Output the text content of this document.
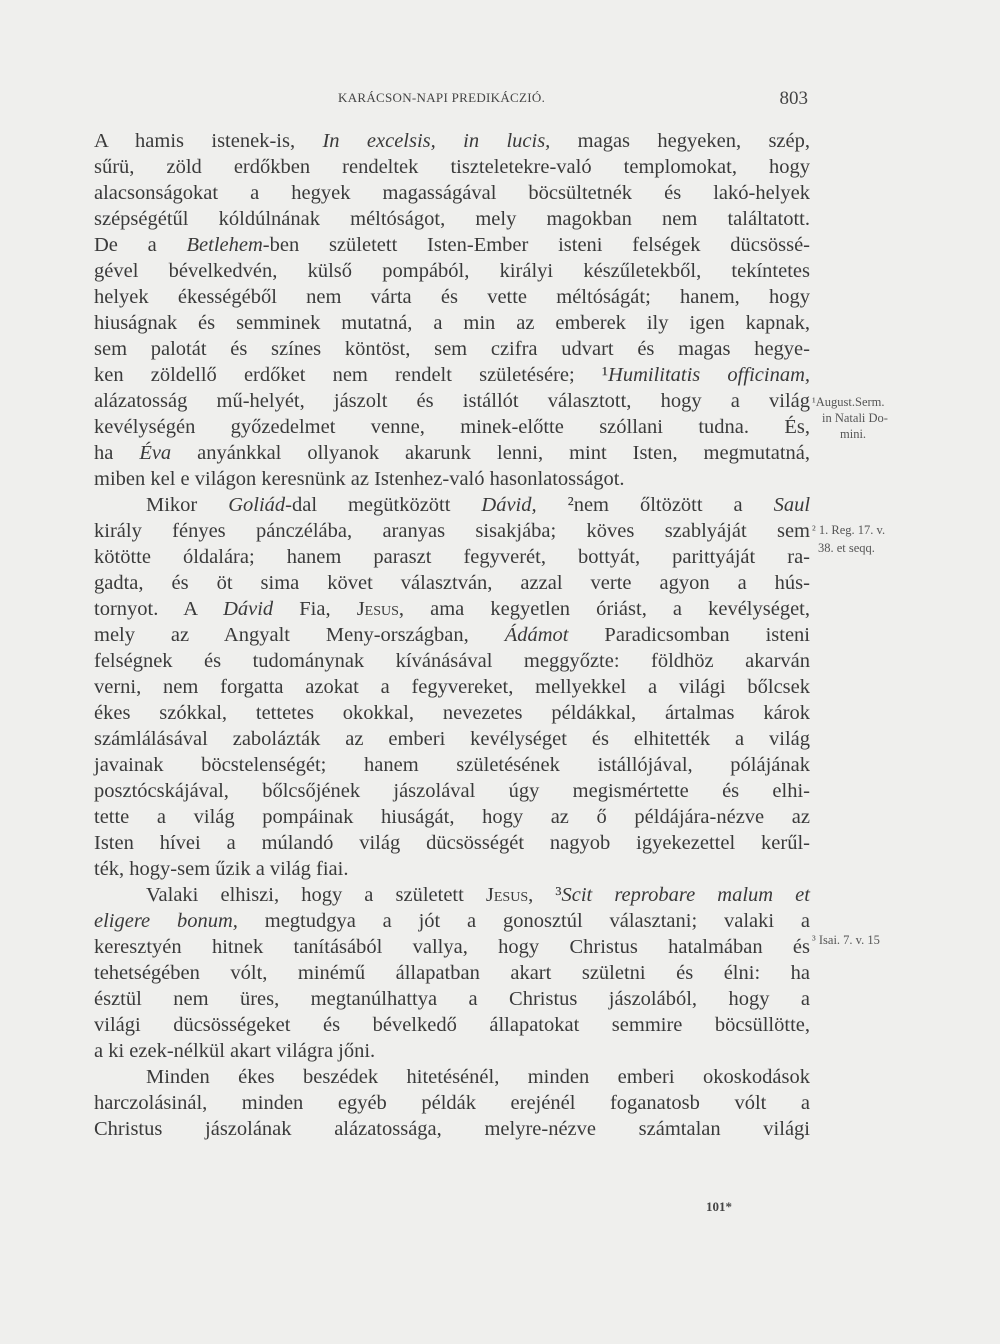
KARÁCSON-NAPI PREDIKÁCZIÓ.	803
A hamis istenek-is, In excelsis, in lucis, magas hegyeken, szép,
sűrü, zöld erdőkben rendeltek tiszteletekre-való templomokat, hogy
alacsonságokat a hegyek magasságával böcsültetnék és lakó-helyek
szépségétűl kóldúlnának méltóságot, mely magokban nem találtatott.
De a Betlehem-ben született Isten-Ember isteni felségek dücsössé-
gével bévelkedvén, külső pompából, királyi készűletekből, tekíntetes
helyek ékességéből nem várta és vette méltóságát; hanem, hogy
hiuságnak és semminek mutatná, a min az emberek ily igen kapnak,
sem palotát és színes köntöst, sem czifra udvart és magas hegye-
ken zöldellő erdőket nem rendelt születésére; ¹Humilitatis officinam,
alázatosság mű-helyét, jászolt és istállót választott, hogy a világ
kevélységén győzedelmet venne, minek-előtte szóllani tudna. És,
ha Éva anyánkkal ollyanok akarunk lenni, mint Isten, megmutatná,
miben kel e világon keresnünk az Istenhez-való hasonlatosságot.
Mikor Goliád-dal megütközött Dávid, ²nem őltözött a Saul
király fényes pánczélába, aranyas sisakjába; köves szablyáját sem
kötötte óldalára; hanem paraszt fegyverét, bottyát, parittyáját ra-
gadta, és öt sima követ választván, azzal verte agyon a hús-
tornyot. A Dávid Fia, Jesus, ama kegyetlen óriást, a kevélységet,
mely az Angyalt Meny-országban, Ádámot Paradicsomban isteni
felségnek és tudománynak kívánásával meggyőzte: földhöz akarván
verni, nem forgatta azokat a fegyvereket, mellyekkel a világi bőlcsek
ékes szókkal, tettetes okokkal, nevezetes példákkal, ártalmas károk
számlálásával zabolázták az emberi kevélységet és elhitették a világ
javainak böcstelenségét; hanem születésének istállójával, pólájának
posztócskájával, bőlcsőjének jászolával úgy megismértette és elhi-
tette a világ pompáinak hiuságát, hogy az ő példájára-nézve az
Isten hívei a múlandó világ dücsösségét nagyob igyekezettel kerűl-
ték, hogy-sem űzik a világ fiai.
Valaki elhiszi, hogy a született Jesus, ³Scit reprobare malum et
eligere bonum, megtudgya a jót a gonosztúl választani; valaki a
keresztyén hitnek tanításából vallya, hogy Christus hatalmában és
tehetségében vólt, minémű állapatban akart születni és élni: ha
észtül nem üres, megtanúlhattya a Christus jászolából, hogy a
világi dücsösségeket és bévelkedő állapatokat semmire böcsüllötte,
a ki ezek-nélkül akart világra jőni.
Minden ékes beszédek hitetésénél, minden emberi okoskodások
harczolásinál, minden egyéb példák erejénél foganatosb vólt a
Christus jászolának alázatossága, melyre-nézve számtalan világi
¹August.Serm.
in Natali Do-
mini.
² 1. Reg. 17. v.
38. et seqq.
³ Isai. 7. v. 15
101*
